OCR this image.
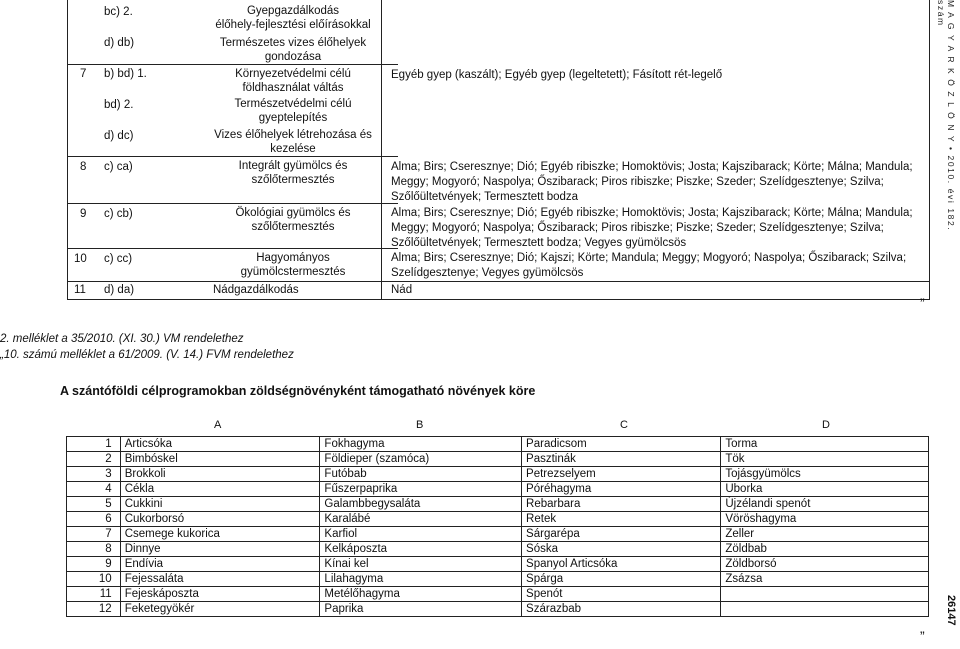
bc) 2.	Gyepgazdálkodás
élőhely-fejlesztési előírásokkal
d) db)	Természetes vizes élőhelyek
gondozása
7 b) bd) 1.	Környezetvédelmi célú
földhasználat váltás
Egyéb gyep (kaszált); Egyéb gyep (legeltetett); Fásított rét-legelő
bd) 2.	Természetvédelmi célú
gyeptelepítés
d) dc)	Vizes élőhelyek létrehozása és
kezelése
8 c) ca)	Integrált gyümölcs és
szőlőtermesztés
Alma; Birs; Cseresznye; Dió; Egyéb ribiszke; Homoktövis; Josta; Kajszibarack; Körte; Málna; Mandula;
Meggy; Mogyoró; Naspolya; Őszibarack; Piros ribiszke; Piszke; Szeder; Szelídgesztenye; Szilva;
Szőlőültetvények; Termesztett bodza
9 c) cb)	Ökológiai gyümölcs és
szőlőtermesztés
Alma; Birs; Cseresznye; Dió; Egyéb ribiszke; Homoktövis; Josta; Kajszibarack; Körte; Málna; Mandula;
Meggy; Mogyoró; Naspolya; Őszibarack; Piros ribiszke; Piszke; Szeder; Szelídgesztenye; Szilva;
Szőlőültetvények; Termesztett bodza; Vegyes gyümölcsös
10 c) cc)	Hagyományos
gyümölcstermesztés
Alma; Birs; Cseresznye; Dió; Kajszi; Körte; Mandula; Meggy; Mogyoró; Naspolya; Őszibarack; Szilva;
Szelídgesztenye; Vegyes gyümölcsös
11 d) da)	Nádgazdálkodás	Nád
”
M A G Y A R K Ö Z L Ö N Y • 2010. évi 182. szám
2. melléklet a 35/2010. (XI. 30.) VM rendelethez
„10. számú melléklet a 61/2009. (V. 14.) FVM rendelethez
A szántóföldi célprogramokban zöldségnövényként támogatható növények köre
A	B	C	D
1	Articsóka	Fokhagyma	Paradicsom	Torma
2	Bimbóskel	Földieper (szamóca)	Pasztinák	Tök
3	Brokkoli	Futóbab	Petrezselyem	Tojásgyümölcs
4	Cékla	Fűszerpaprika	Póréhagyma	Uborka
5	Cukkini	Galambbegysaláta	Rebarbara	Újzélandi spenót
6	Cukorborsó	Karalábé	Retek	Vöröshagyma
7	Csemege kukorica	Karfiol	Sárgarépa	Zeller
8	Dinnye	Kelkáposzta	Sóska	Zöldbab
9	Endívia	Kínai kel	Spanyol Articsóka	Zöldborsó
10	Fejessaláta	Lilahagyma	Spárga	Zsázsa
11	Fejeskáposzta	Metélőhagyma	Spenót	
12	Feketegyökér	Paprika	Szárazbab	
”
26147
